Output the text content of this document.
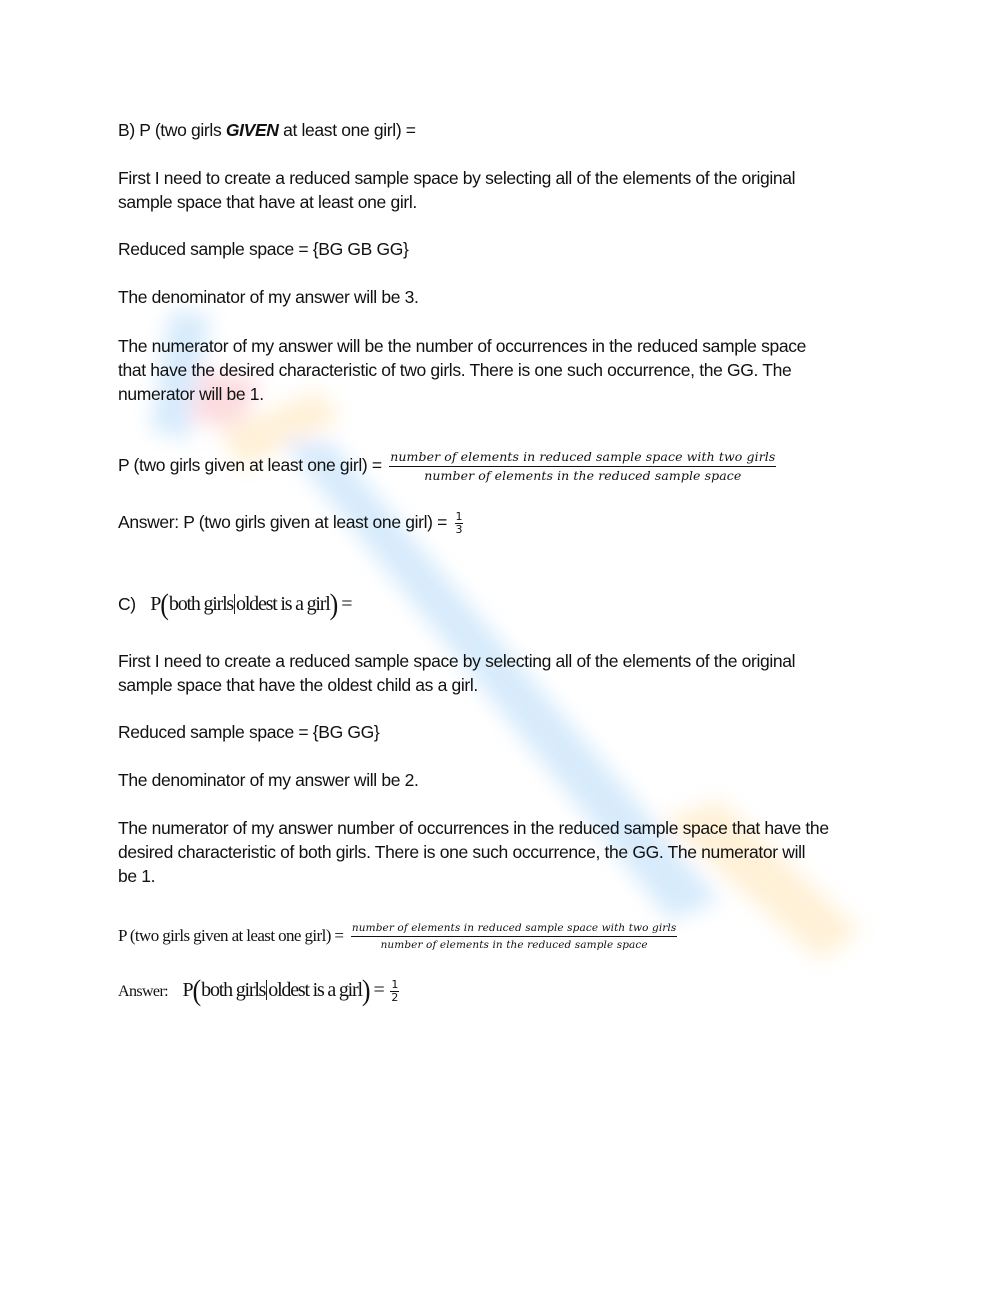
B) P (two girls GIVEN at least one girl) =
First I need to create a reduced sample space by selecting all of the elements of the original
sample space that have at least one girl.
Reduced sample space = {BG GB GG}
The denominator of my answer will be 3.
The numerator of my answer will be the number of occurrences in the reduced sample space
that have the desired characteristic of two girls. There is one such occurrence, the GG. The
numerator will be 1.
P (two girls given at least one girl) = $\frac{\text{number of elements in reduced sample space with two girls}}{\text{number of elements in the reduced sample space}}$
Answer: P (two girls given at least one girl) = $\frac{1}{3}$
C) P(both girls oldest is a girl) =
First I need to create a reduced sample space by selecting all of the elements of the original
sample space that have the oldest child as a girl.
Reduced sample space = {BG GG}
The denominator of my answer will be 2.
The numerator of my answer number of occurrences in the reduced sample space that have the
desired characteristic of both girls. There is one such occurrence, the GG. The numerator will
be 1.
P (two girls given at least one girl) = $\frac{\text{number of elements in reduced sample space with two girls}}{\text{number of elements in the reduced sample space}}$
Answer: P(both girls oldest is a girl) = $\frac{1}{2}$
